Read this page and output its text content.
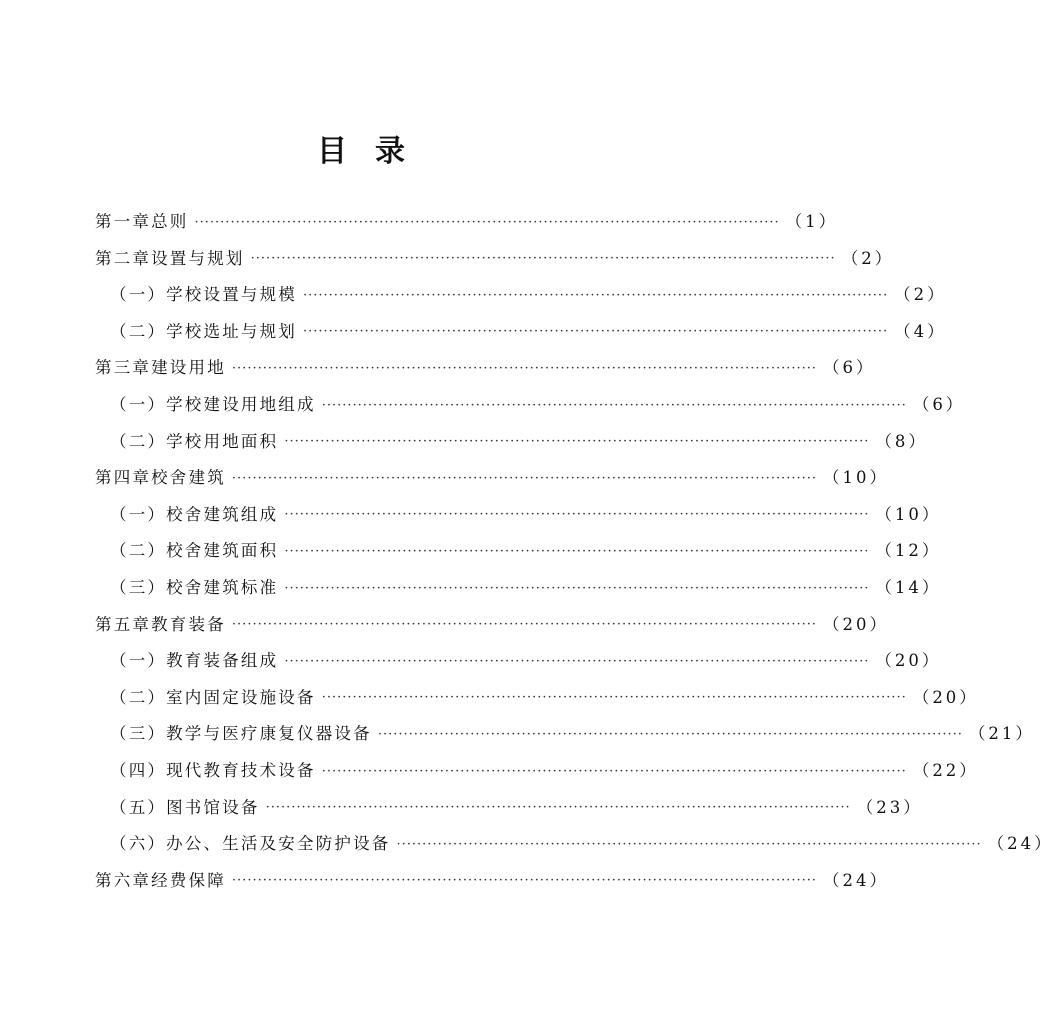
目 录
第一章 总则 ·················································································································· （1）
第二章 设置与规划 ·················································································································· （2）
（一） 学校设置与规模 ·················································································································· （2）
（二） 学校选址与规划 ·················································································································· （4）
第三章 建设用地 ·················································································································· （6）
（一） 学校建设用地组成 ·················································································································· （6）
（二） 学校用地面积 ·················································································································· （8）
第四章 校舍建筑 ·················································································································· （10）
（一） 校舍建筑组成 ·················································································································· （10）
（二） 校舍建筑面积 ·················································································································· （12）
（三） 校舍建筑标准 ·················································································································· （14）
第五章 教育装备 ·················································································································· （20）
（一） 教育装备组成 ·················································································································· （20）
（二） 室内固定设施设备 ·················································································································· （20）
（三） 教学与医疗康复仪器设备 ·················································································································· （21）
（四） 现代教育技术设备 ·················································································································· （22）
（五） 图书馆设备 ·················································································································· （23）
（六） 办公、生活及安全防护设备 ·················································································································· （24）
第六章 经费保障 ·················································································································· （24）
